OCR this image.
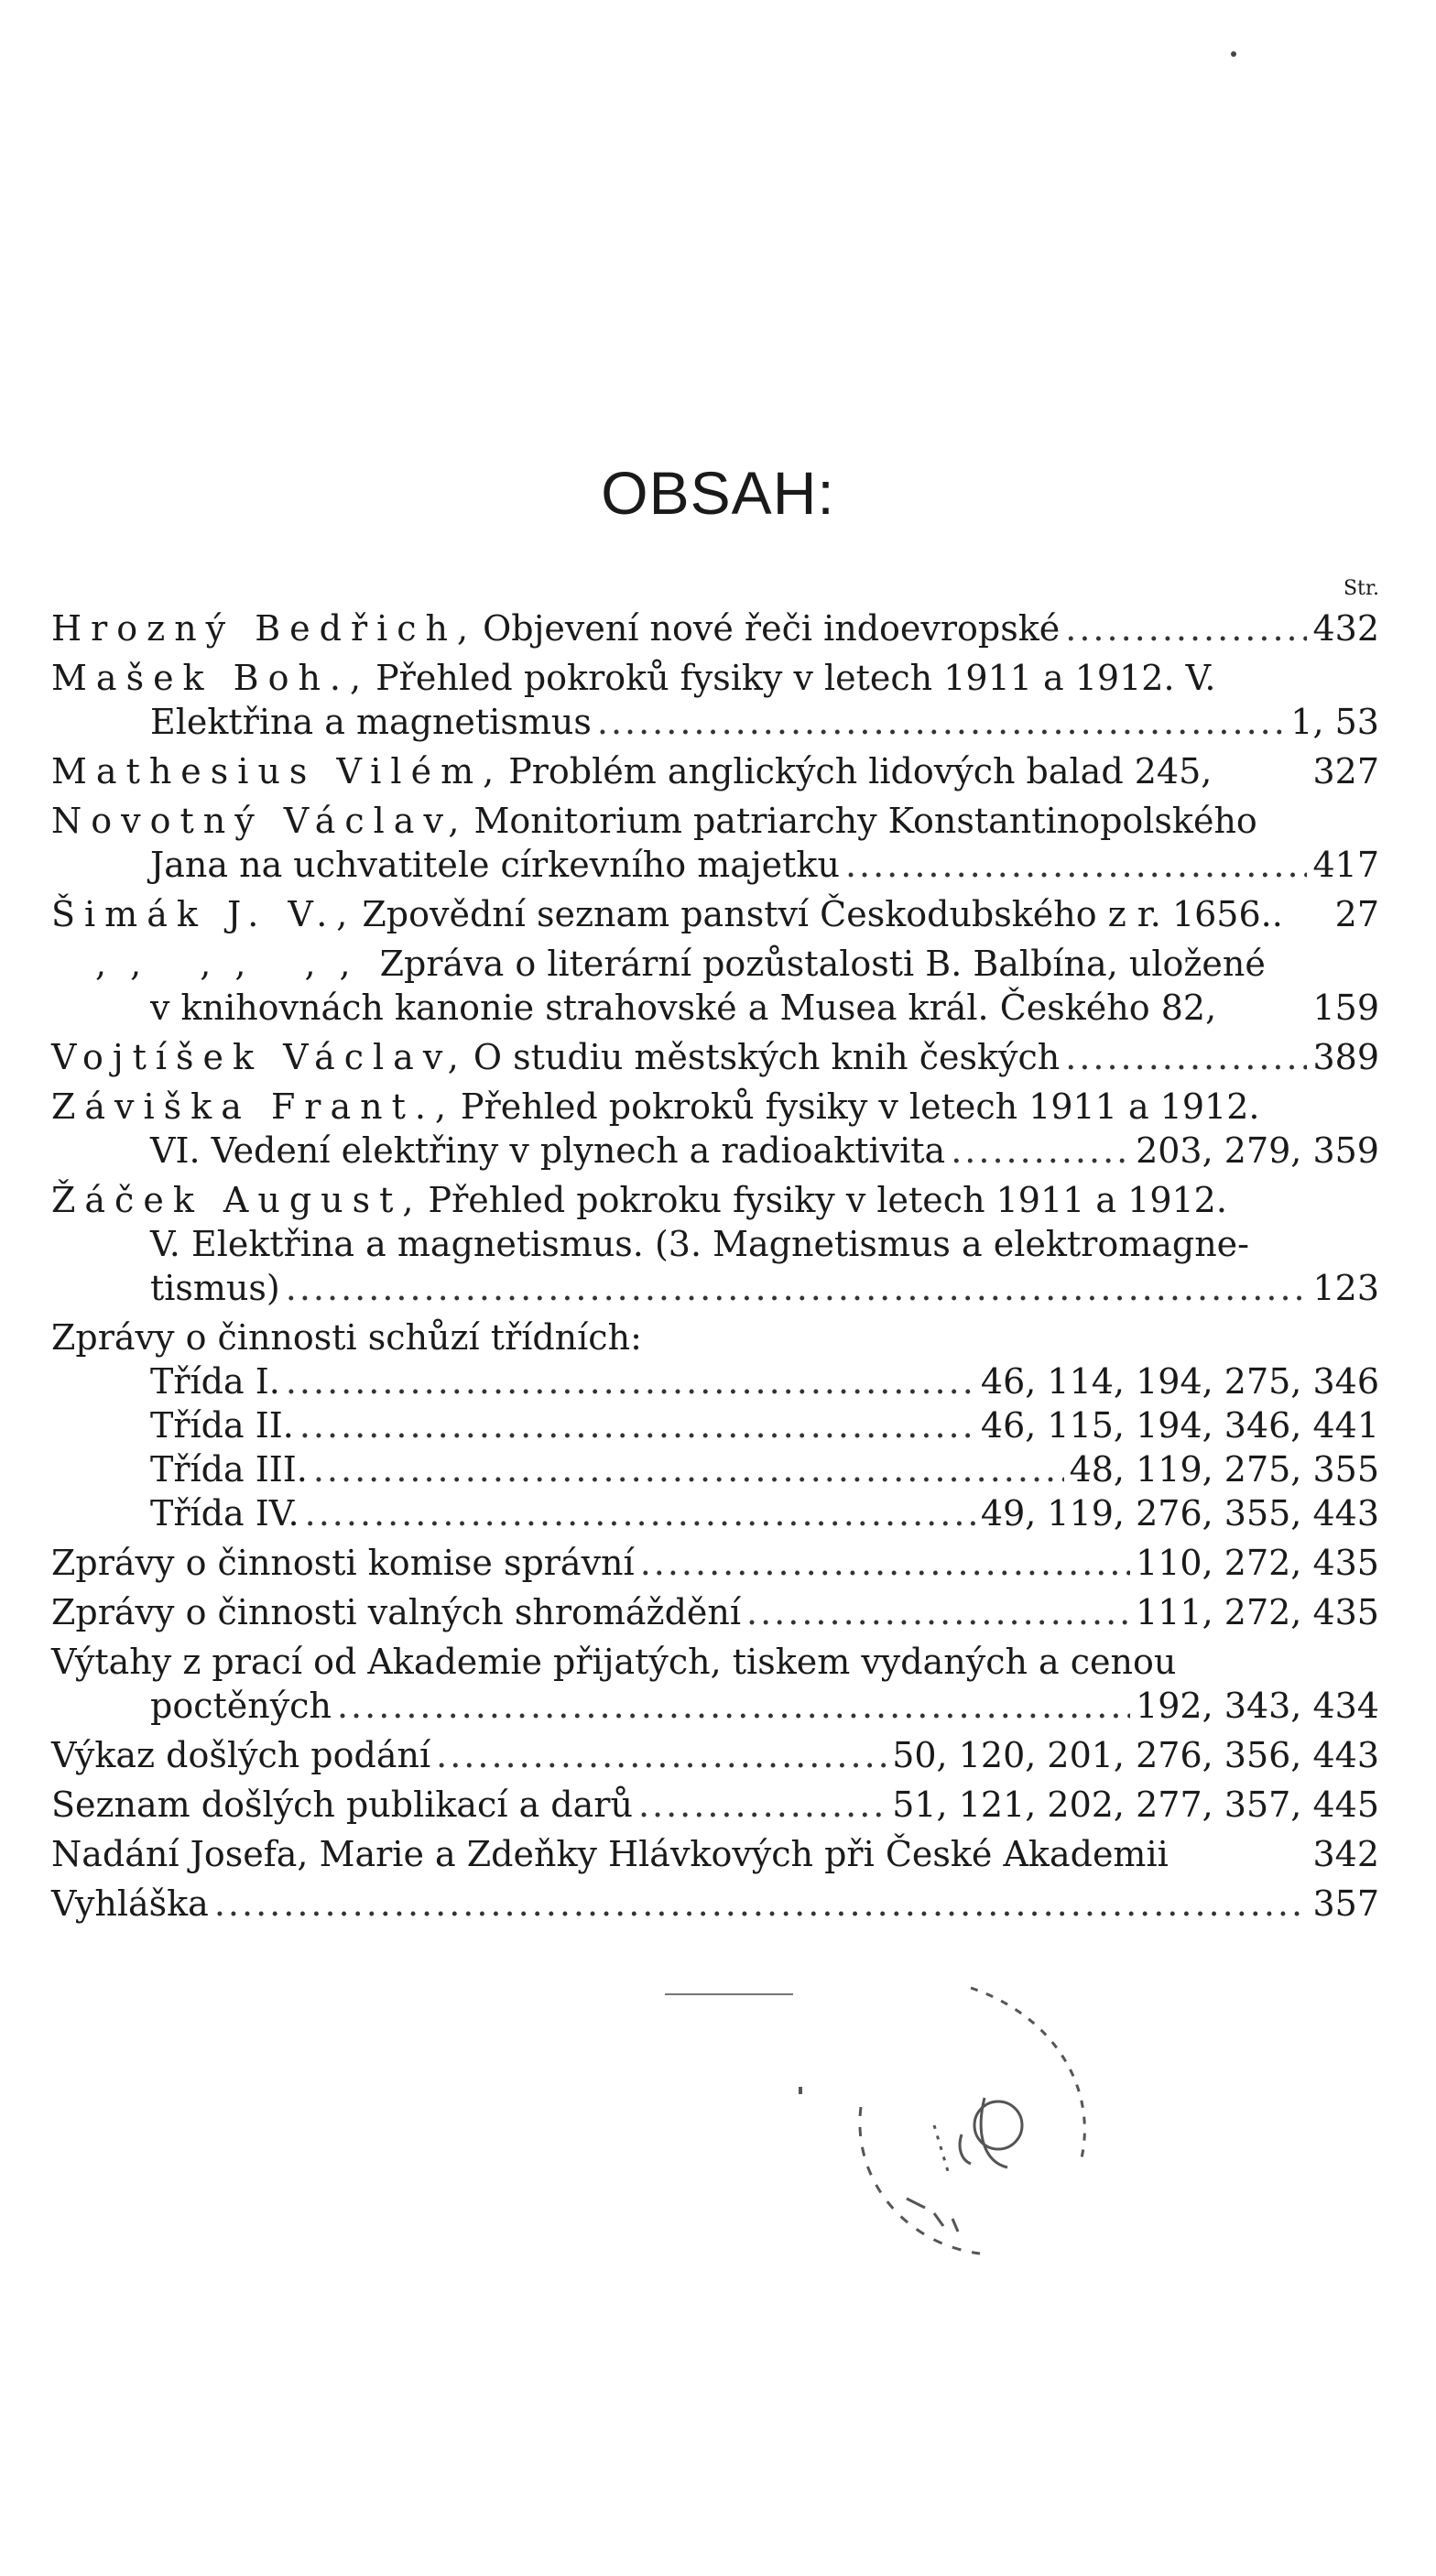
OBSAH:
Str.
Hrozný Bedřich, Objevení nové řeči indoevropské .....	432
Mašek Boh., Přehled pokroků fysiky v letech 1911 a 1912. V.
Elektřina a magnetismus .....	1, 53
Mathesius Vilém, Problém anglických lidových balad 245,	327
Novotný Václav, Monitorium patriarchy Konstantinopolského
Jana na uchvatitele církevního majetku .....	417
Šimák J. V., Zpovědní seznam panství Českodubského z r. 1656.. 27
,, ,, ,, Zpráva o literární pozůstalosti B. Balbína, uložené
v knihovnách kanonie strahovské a Musea král. Českého 82,	159
Vojtíšek Václav, O studiu městských knih českých .....	389
Záviška Frant., Přehled pokroků fysiky v letech 1911 a 1912.
VI. Vedení elektřiny v plynech a radioaktivita .....	203, 279, 359
Žáček August, Přehled pokroku fysiky v letech 1911 a 1912.
V. Elektřina a magnetismus. (3. Magnetismus a elektromagne-
tismus) .....	123
Zprávy o činnosti schůzí třídních:
Třída I. .....	46, 114, 194, 275, 346
Třída II. .....	46, 115, 194, 346, 441
Třída III. .....	48, 119, 275, 355
Třída IV. .....	49, 119, 276, 355, 443
Zprávy o činnosti komise správní .....	110, 272, 435
Zprávy o činnosti valných shromáždění .....	111, 272, 435
Výtahy z prací od Akademie přijatých, tiskem vydaných a cenou
poctěných .....	192, 343, 434
Výkaz došlých podání .....	50, 120, 201, 276, 356, 443
Seznam došlých publikací a darů .....	51, 121, 202, 277, 357, 445
Nadání Josefa, Marie a Zdeňky Hlávkových při České Akademii	342
Vyhláška .....	357
